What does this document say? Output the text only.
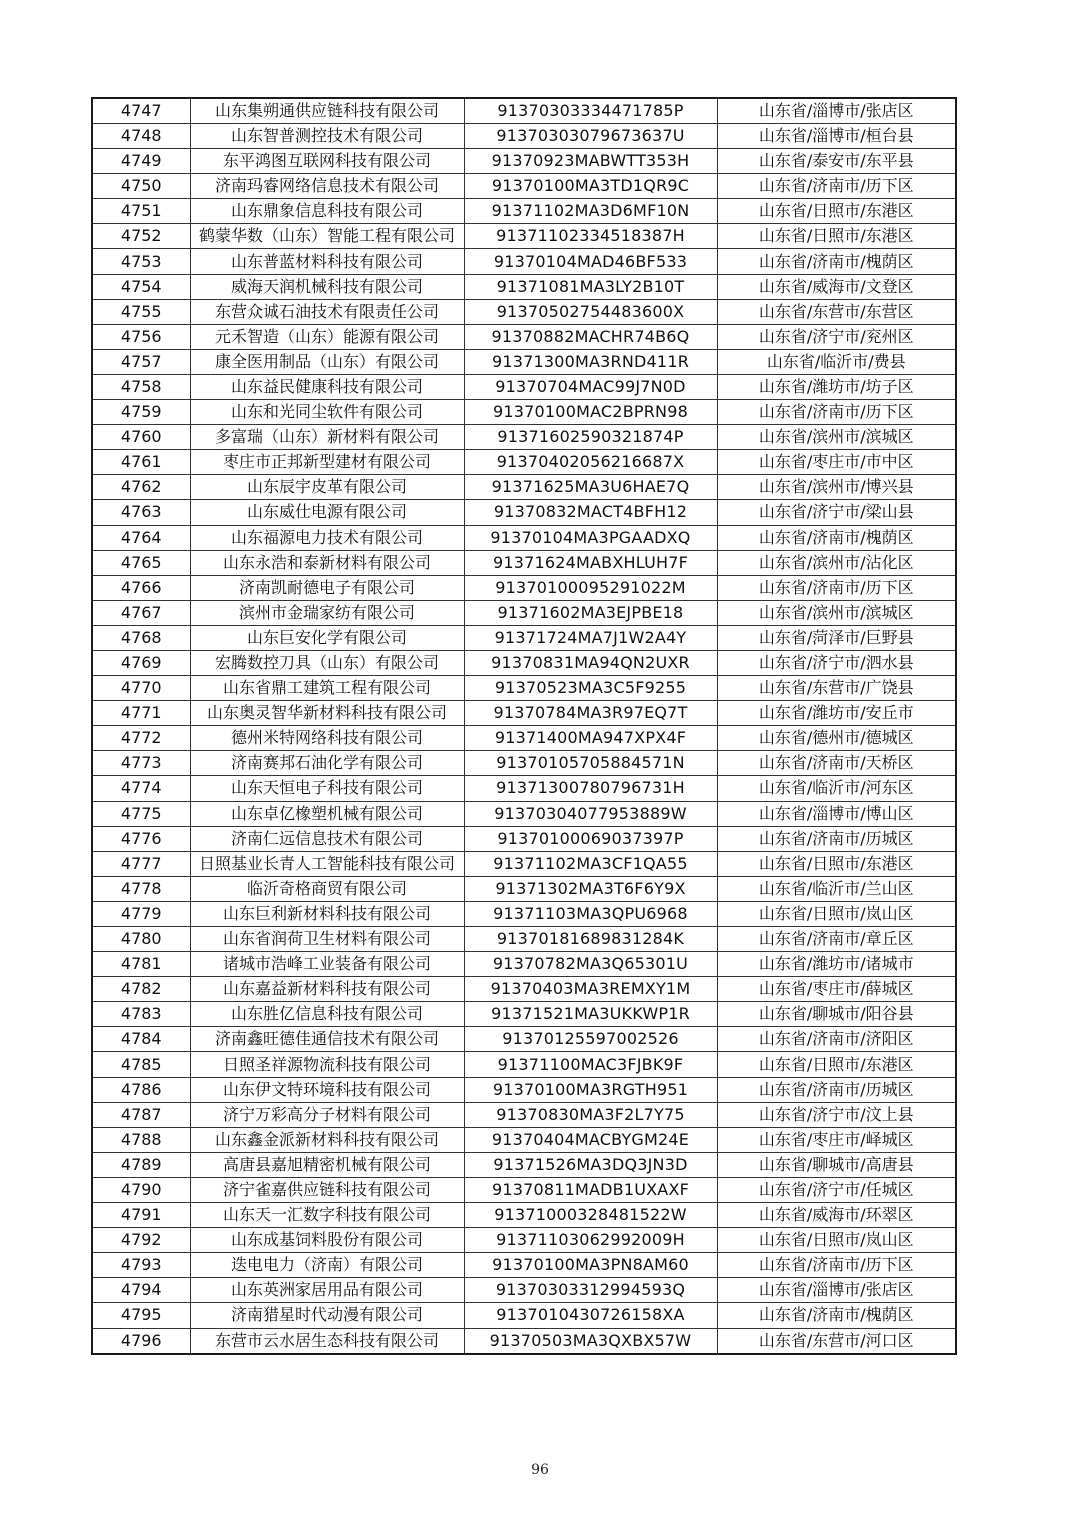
4747	山东集朔通供应链科技有限公司	91370303334471785P	山东省/淄博市/张店区
4748	山东智普测控技术有限公司	91370303079673637U	山东省/淄博市/桓台县
4749	东平鸿图互联网科技有限公司	91370923MABWTT353H	山东省/泰安市/东平县
4750	济南玛睿网络信息技术有限公司	91370100MA3TD1QR9C	山东省/济南市/历下区
4751	山东鼎象信息科技有限公司	91371102MA3D6MF10N	山东省/日照市/东港区
4752	鹤蒙华数（山东）智能工程有限公司	91371102334518387H	山东省/日照市/东港区
4753	山东普蓝材料科技有限公司	91370104MAD46BF533	山东省/济南市/槐荫区
4754	威海天润机械科技有限公司	91371081MA3LY2B10T	山东省/威海市/文登区
4755	东营众诚石油技术有限责任公司	91370502754483600X	山东省/东营市/东营区
4756	元禾智造（山东）能源有限公司	91370882MACHR74B6Q	山东省/济宁市/兖州区
4757	康全医用制品（山东）有限公司	91371300MA3RND411R	山东省/临沂市/费县
4758	山东益民健康科技有限公司	91370704MAC99J7N0D	山东省/潍坊市/坊子区
4759	山东和光同尘软件有限公司	91370100MAC2BPRN98	山东省/济南市/历下区
4760	多富瑞（山东）新材料有限公司	91371602590321874P	山东省/滨州市/滨城区
4761	枣庄市正邦新型建材有限公司	91370402056216687X	山东省/枣庄市/市中区
4762	山东辰宇皮革有限公司	91371625MA3U6HAE7Q	山东省/滨州市/博兴县
4763	山东威仕电源有限公司	91370832MACT4BFH12	山东省/济宁市/梁山县
4764	山东福源电力技术有限公司	91370104MA3PGAADXQ	山东省/济南市/槐荫区
4765	山东永浩和泰新材料有限公司	91371624MABXHLUH7F	山东省/滨州市/沾化区
4766	济南凯耐德电子有限公司	91370100095291022M	山东省/济南市/历下区
4767	滨州市金瑞家纺有限公司	91371602MA3EJPBE18	山东省/滨州市/滨城区
4768	山东巨安化学有限公司	91371724MA7J1W2A4Y	山东省/菏泽市/巨野县
4769	宏腾数控刀具（山东）有限公司	91370831MA94QN2UXR	山东省/济宁市/泗水县
4770	山东省鼎工建筑工程有限公司	91370523MA3C5F9255	山东省/东营市/广饶县
4771	山东奥灵智华新材料科技有限公司	91370784MA3R97EQ7T	山东省/潍坊市/安丘市
4772	德州米特网络科技有限公司	91371400MA947XPX4F	山东省/德州市/德城区
4773	济南赛邦石油化学有限公司	91370105705884571N	山东省/济南市/天桥区
4774	山东天恒电子科技有限公司	91371300780796731H	山东省/临沂市/河东区
4775	山东卓亿橡塑机械有限公司	91370304077953889W	山东省/淄博市/博山区
4776	济南仁远信息技术有限公司	91370100069037397P	山东省/济南市/历城区
4777	日照基业长青人工智能科技有限公司	91371102MA3CF1QA55	山东省/日照市/东港区
4778	临沂奇格商贸有限公司	91371302MA3T6F6Y9X	山东省/临沂市/兰山区
4779	山东巨利新材料科技有限公司	91371103MA3QPU6968	山东省/日照市/岚山区
4780	山东省润荷卫生材料有限公司	91370181689831284K	山东省/济南市/章丘区
4781	诸城市浩峰工业装备有限公司	91370782MA3Q65301U	山东省/潍坊市/诸城市
4782	山东嘉益新材料科技有限公司	91370403MA3REMXY1M	山东省/枣庄市/薛城区
4783	山东胜亿信息科技有限公司	91371521MA3UKKWP1R	山东省/聊城市/阳谷县
4784	济南鑫旺德佳通信技术有限公司	91370125597002526	山东省/济南市/济阳区
4785	日照圣祥源物流科技有限公司	91371100MAC3FJBK9F	山东省/日照市/东港区
4786	山东伊文特环境科技有限公司	91370100MA3RGTH951	山东省/济南市/历城区
4787	济宁万彩高分子材料有限公司	91370830MA3F2L7Y75	山东省/济宁市/汶上县
4788	山东鑫金派新材料科技有限公司	91370404MACBYGM24E	山东省/枣庄市/峄城区
4789	高唐县嘉旭精密机械有限公司	91371526MA3DQ3JN3D	山东省/聊城市/高唐县
4790	济宁雀嘉供应链科技有限公司	91370811MADB1UXAXF	山东省/济宁市/任城区
4791	山东天一汇数字科技有限公司	91371000328481522W	山东省/威海市/环翠区
4792	山东成基饲料股份有限公司	91371103062992009H	山东省/日照市/岚山区
4793	迭电电力（济南）有限公司	91370100MA3PN8AM60	山东省/济南市/历下区
4794	山东英洲家居用品有限公司	91370303312994593Q	山东省/淄博市/张店区
4795	济南猎星时代动漫有限公司	91370104307261​58XA	山东省/济南市/槐荫区
4796	东营市云水居生态科技有限公司	91370503MA3QXBX57W	山东省/东营市/河口区
96
